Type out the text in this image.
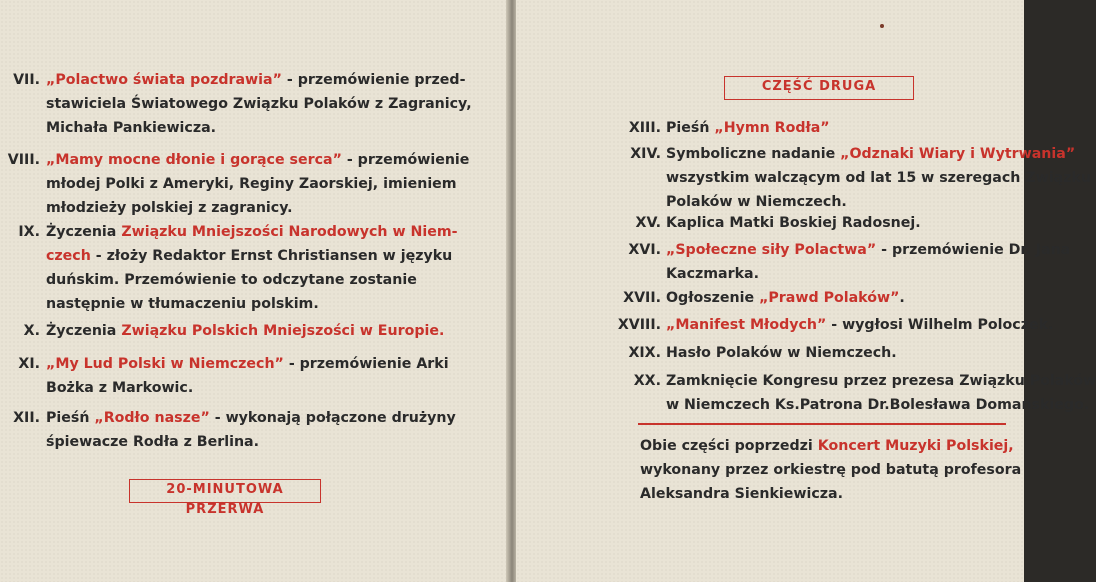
VII. „Polactwo świata pozdrawia” - przemówienie przed-
stawiciela Światowego Związku Polaków z Zagranicy,
Michała Pankiewicza.
VIII. „Mamy mocne dłonie i gorące serca” - przemówienie
młodej Polki z Ameryki, Reginy Zaorskiej, imieniem
młodzieży polskiej z zagranicy.
IX. Życzenia Związku Mniejszości Narodowych w Niem-
czech - złoży Redaktor Ernst Christiansen w języku
duńskim. Przemówienie to odczytane zostanie
następnie w tłumaczeniu polskim.
X. Życzenia Związku Polskich Mniejszości w Europie.
XI. „My Lud Polski w Niemczech” - przemówienie Arki
Bożka z Markowic.
XII. Pieśń „Rodło nasze” - wykonają połączone drużyny
śpiewacze Rodła z Berlina.
20-MINUTOWA PRZERWA
CZĘŚĆ DRUGA
XIII. Pieśń „Hymn Rodła”
XIV. Symboliczne nadanie „Odznaki Wiary i Wytrwania”
wszystkim walczącym od lat 15 w szeregach Związku
Polaków w Niemczech.
XV. Kaplica Matki Boskiej Radosnej.
XVI. „Społeczne siły Polactwa” - przemówienie Dr. Jana
Kaczmarka.
XVII. Ogłoszenie „Prawd Polaków”.
XVIII. „Manifest Młodych” - wygłosi Wilhelm Poloczek.
XIX. Hasło Polaków w Niemczech.
XX. Zamknięcie Kongresu przez prezesa Związku Polaków
w Niemczech Ks.Patrona Dr.Bolesława Domańskiego.
Obie części poprzedzi Koncert Muzyki Polskiej,
wykonany przez orkiestrę pod batutą profesora
Aleksandra Sienkiewicza.
